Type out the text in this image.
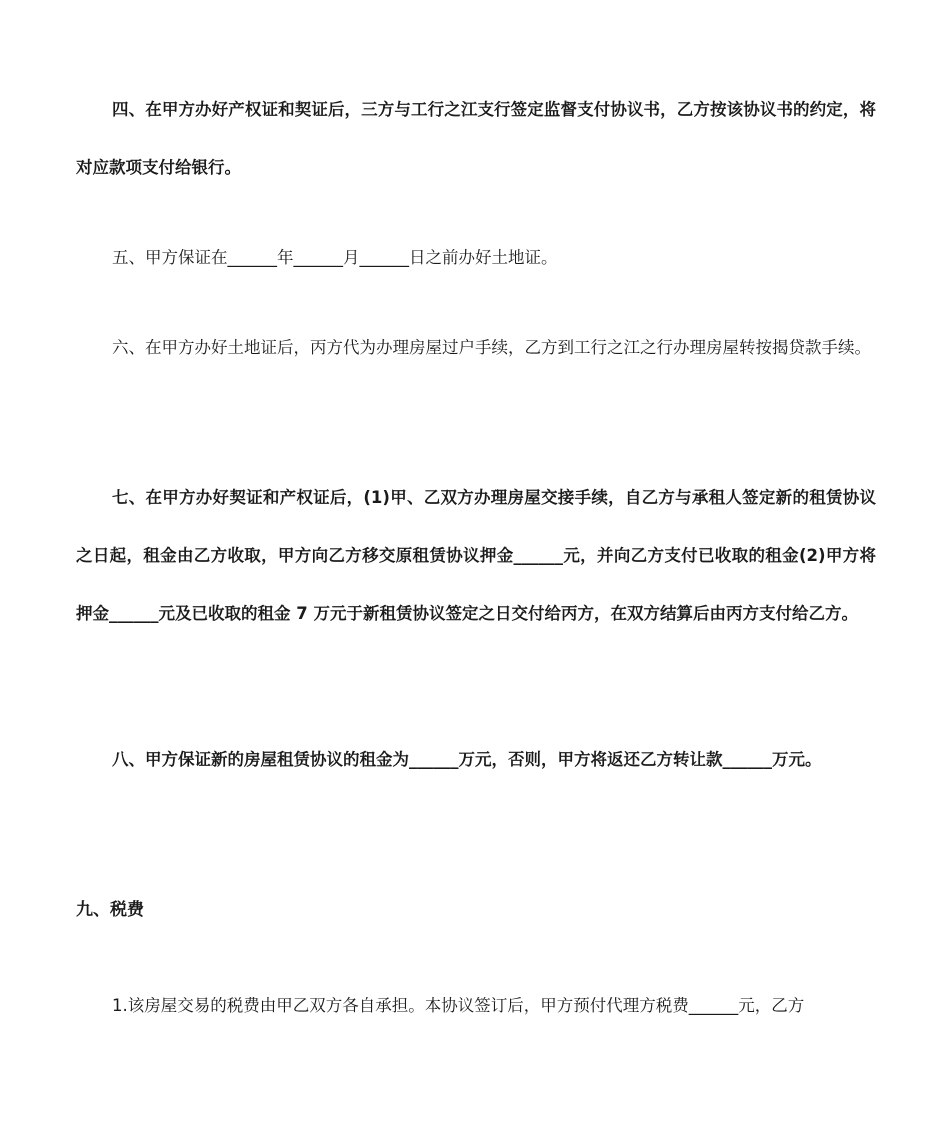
四、在甲方办好产权证和契证后，三方与工行之江支行签定监督支付协议书，乙方按该协议书的约定，将对应款项支付给银行。

五、甲方保证在______年______月______日之前办好土地证。

六、在甲方办好土地证后，丙方代为办理房屋过户手续，乙方到工行之江之行办理房屋转按揭贷款手续。

七、在甲方办好契证和产权证后，(1)甲、乙双方办理房屋交接手续，自乙方与承租人签定新的租赁协议之日起，租金由乙方收取，甲方向乙方移交原租赁协议押金______元，并向乙方支付已收取的租金(2)甲方将押金______元及已收取的租金 7 万元于新租赁协议签定之日交付给丙方，在双方结算后由丙方支付给乙方。

八、甲方保证新的房屋租赁协议的租金为______万元，否则，甲方将返还乙方转让款______万元。

九、税费

1.该房屋交易的税费由甲乙双方各自承担。本协议签订后，甲方预付代理方税费______元，乙方
